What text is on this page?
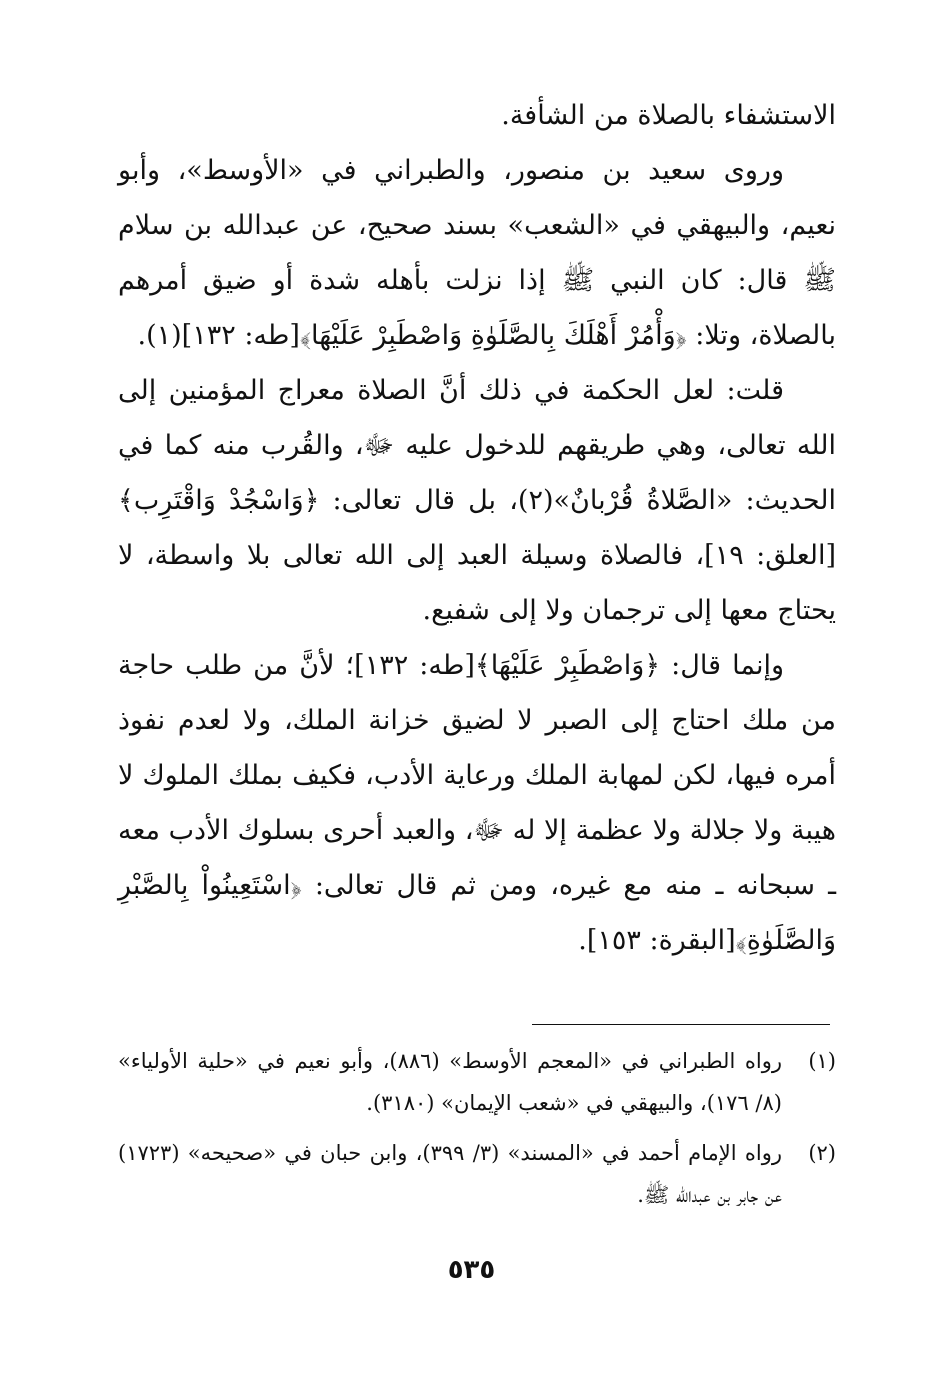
الاستشفاء بالصلاة من الشأفة.

وروى سعيد بن منصور، والطبراني في «الأوسط»، وأبو نعيم، والبيهقي في «الشعب» بسند صحيح، عن عبدالله بن سلام ﷺ قال: كان النبي ﷺ إذا نزلت بأهله شدة أو ضيق أمرهم بالصلاة، وتلا: ﴿وَأْمُرْ أَهْلَكَ بِالصَّلَوٰةِ وَاصْطَبِرْ عَلَيْهَا﴾[طه: ١٣٢](١).

قلت: لعل الحكمة في ذلك أنَّ الصلاة معراج المؤمنين إلى الله تعالى، وهي طريقهم للدخول عليه ﷻ، والقُرب منه كما في الحديث: «الصَّلاةُ قُرْبانٌ»(٢)، بل قال تعالى: ﴿وَاسْجُدْ وَاقْتَرِب﴾[العلق: ١٩]، فالصلاة وسيلة العبد إلى الله تعالى بلا واسطة، لا يحتاج معها إلى ترجمان ولا إلى شفيع.

وإنما قال: ﴿وَاصْطَبِرْ عَلَيْهَا﴾[طه: ١٣٢]؛ لأنَّ من طلب حاجة من ملك احتاج إلى الصبر لا لضيق خزانة الملك، ولا لعدم نفوذ أمره فيها، لكن لمهابة الملك ورعاية الأدب، فكيف بملك الملوك لا هيبة ولا جلالة ولا عظمة إلا له ﷻ، والعبد أحرى بسلوك الأدب معه ـ سبحانه ـ منه مع غيره، ومن ثم قال تعالى: ﴿اسْتَعِينُواْ بِالصَّبْرِ وَالصَّلَوٰةِ﴾[البقرة: ١٥٣].

(١)
رواه الطبراني في «المعجم الأوسط» (٨٨٦)، وأبو نعيم في «حلية الأولياء» (٨/ ١٧٦)، والبيهقي في «شعب الإيمان» (٣١٨٠).
(٢)
رواه الإمام أحمد في «المسند» (٣/ ٣٩٩)، وابن حبان في «صحيحه» (١٧٢٣) عن جابر بن عبدالله ﷺ.
٥٣٥
